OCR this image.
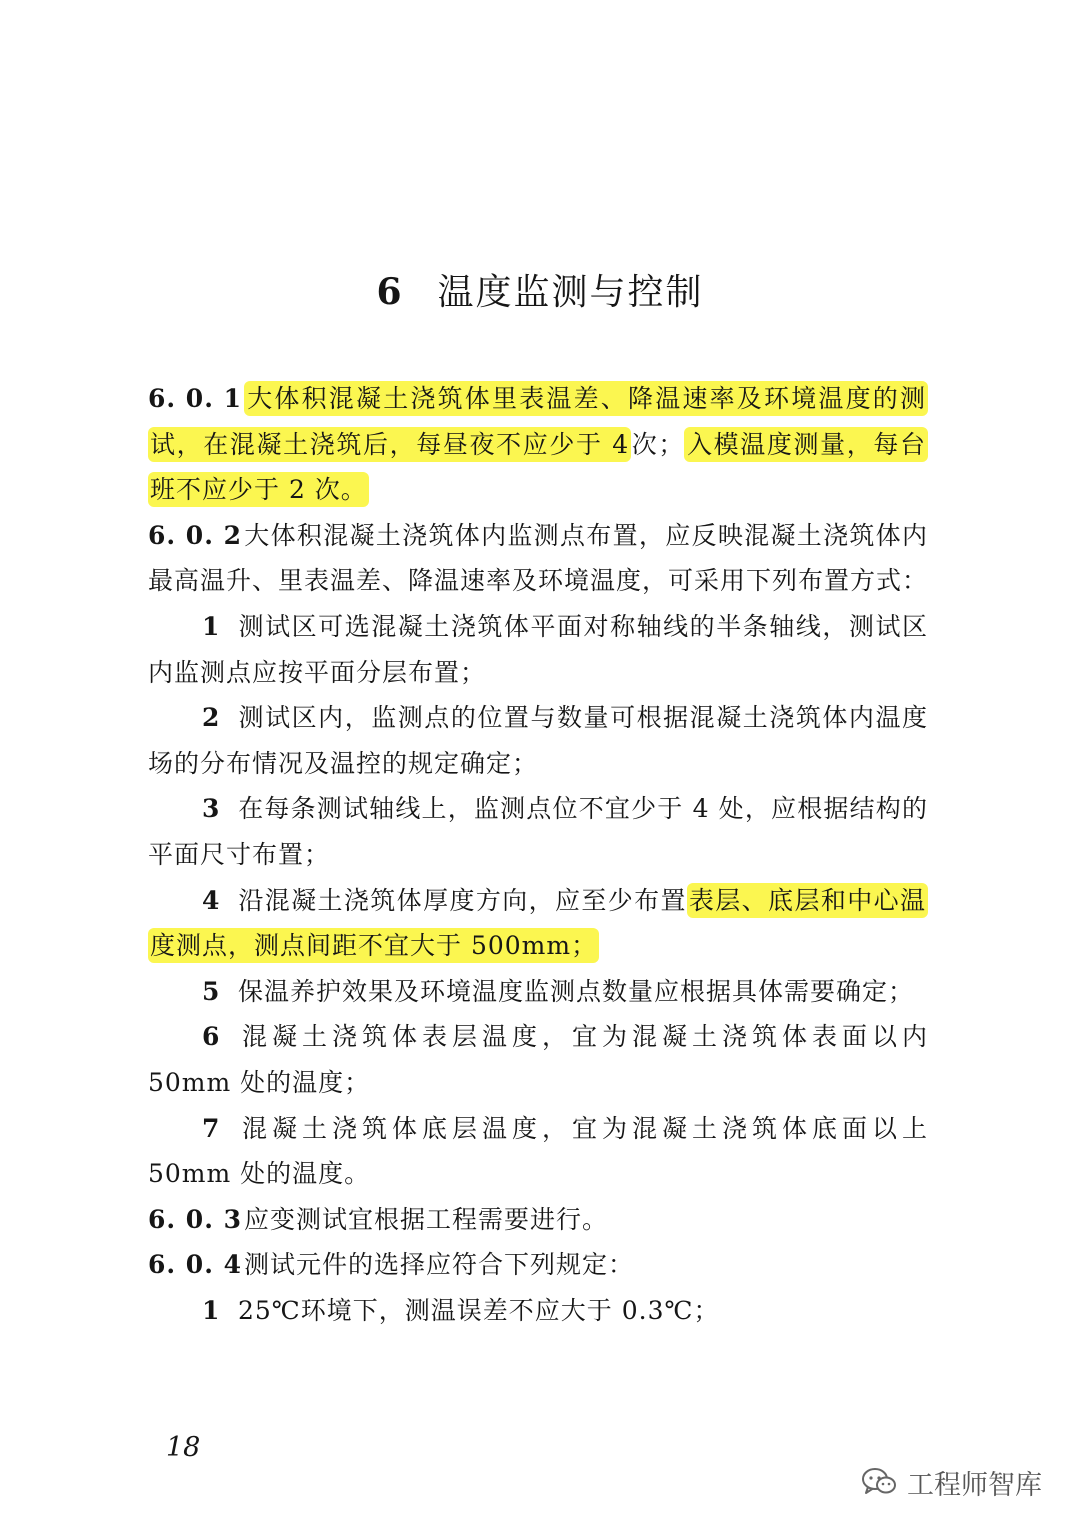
6 温度监测与控制

6. 0. 1 大体积混凝土浇筑体里表温差、降温速率及环境温度的测试，在混凝土浇筑后，每昼夜不应少于 4次；入模温度测量，每台班不应少于 2 次。

6. 0. 2大体积混凝土浇筑体内监测点布置，应反映混凝土浇筑体内最高温升、里表温差、降温速率及环境温度，可采用下列布置方式：

1 测试区可选混凝土浇筑体平面对称轴线的半条轴线，测试区内监测点应按平面分层布置；

2 测试区内，监测点的位置与数量可根据混凝土浇筑体内温度场的分布情况及温控的规定确定；

3 在每条测试轴线上，监测点位不宜少于 4 处，应根据结构的平面尺寸布置；

4 沿混凝土浇筑体厚度方向，应至少布置表层、底层和中心温度测点，测点间距不宜大于 500mm；

5 保温养护效果及环境温度监测点数量应根据具体需要确定；

6 混凝土浇筑体表层温度，宜为混凝土浇筑体表面以内 50mm 处的温度；

7 混凝土浇筑体底层温度，宜为混凝土浇筑体底面以上 50mm 处的温度。

6. 0. 3应变测试宜根据工程需要进行。

6. 0. 4测试元件的选择应符合下列规定：

1 25℃环境下，测温误差不应大于 0.3℃；

18
工程师智库
